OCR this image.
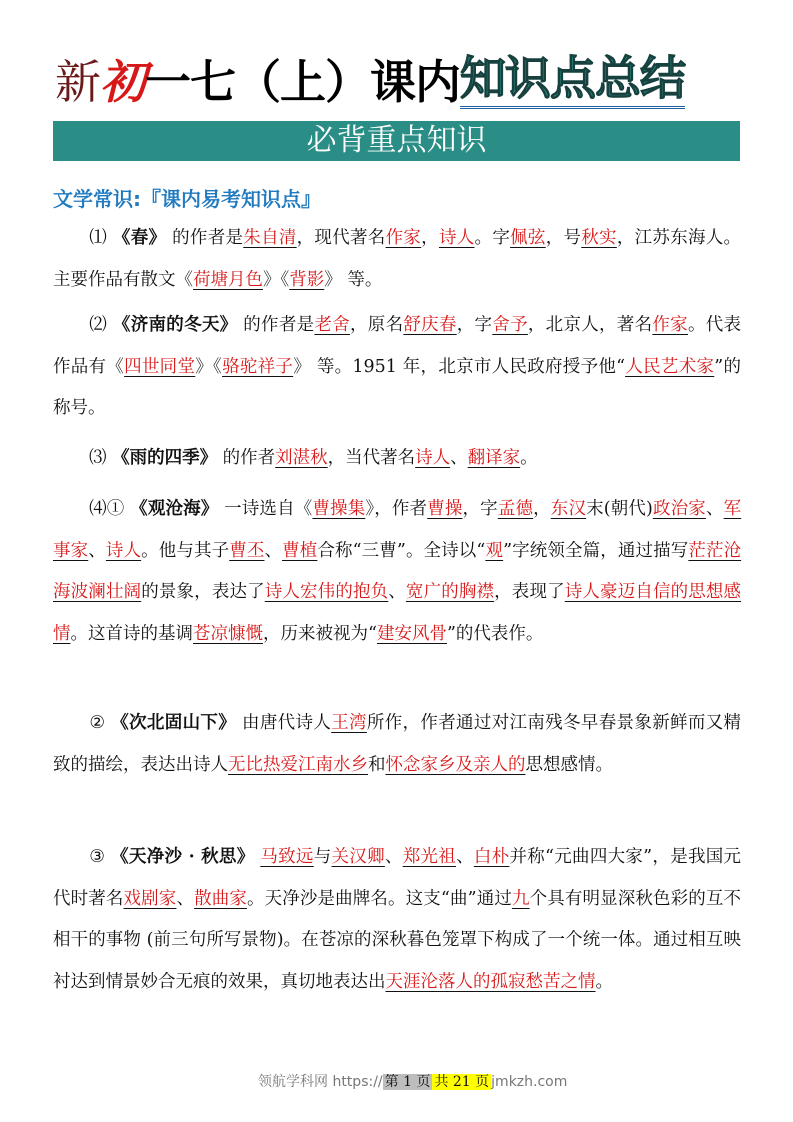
新 初 一七（上）课内 知识点总结
必背重点知识
文学常识:『课内易考知识点』
⑴ 《春》 的作者是朱自清，现代著名作家，诗人。字佩弦，号秋实，江苏东海人。主要作品有散文《荷塘月色》《背影》 等。
⑵ 《济南的冬天》 的作者是老舍，原名舒庆春，字舍予，北京人，著名作家。代表作品有《四世同堂》《骆驼祥子》 等。1951 年，北京市人民政府授予他“人民艺术家”的称号。
⑶ 《雨的四季》 的作者刘湛秋，当代著名诗人、翻译家。
⑷① 《观沧海》 一诗选自《曹操集》，作者曹操，字孟德，东汉末(朝代)政治家、军事家、诗人。他与其子曹丕、曹植合称“三曹”。全诗以“观”字统领全篇，通过描写茫茫沧海波澜壮阔的景象，表达了诗人宏伟的抱负、宽广的胸襟，表现了诗人豪迈自信的思想感情。这首诗的基调苍凉慷慨，历来被视为“建安风骨”的代表作。
② 《次北固山下》 由唐代诗人王湾所作，作者通过对江南残冬早春景象新鲜而又精致的描绘，表达出诗人无比热爱江南水乡和怀念家乡及亲人的思想感情。
③ 《天净沙 · 秋思》 马致远与关汉卿、郑光祖、白朴并称“元曲四大家”，是我国元代时著名戏剧家、散曲家。天净沙是曲牌名。这支“曲”通过九个具有明显深秋色彩的互不相干的事物 (前三句所写景物)。在苍凉的深秋暮色笼罩下构成了一个统一体。通过相互映衬达到情景妙合无痕的效果，真切地表达出天涯沦落人的孤寂愁苦之情。
领航学科网 https:// 第 1 页 共 21 页 jmkzh.com
